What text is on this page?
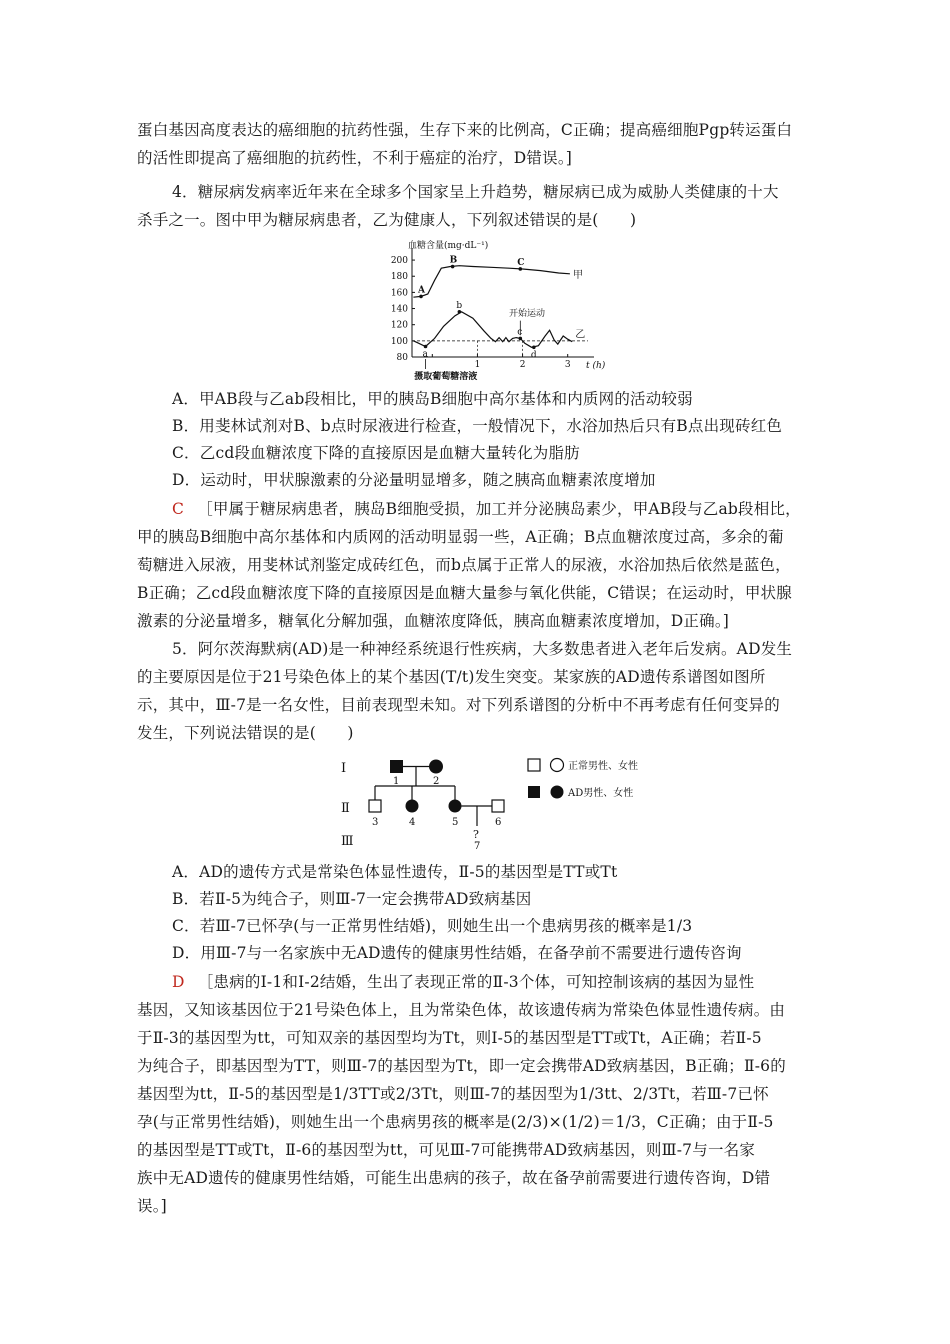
蛋白基因高度表达的癌细胞的抗药性强，生存下来的比例高，C正确；提高癌细胞Pgp转运蛋白
的活性即提高了癌细胞的抗药性，不利于癌症的治疗，D错误。]
4．糖尿病发病率近年来在全球多个国家呈上升趋势，糖尿病已成为威胁人类健康的十大
杀手之一。图中甲为糖尿病患者，乙为健康人，下列叙述错误的是(　　)
血糖含量(mg·dL⁻¹)
t (h)
80
100
120
140
160
180
200
1	2	3
甲
乙
A
B	C
a
b
c
d
开始运动
摄取葡萄糖溶液
A．甲AB段与乙ab段相比，甲的胰岛B细胞中高尔基体和内质网的活动较弱
B．用斐林试剂对B、b点时尿液进行检查，一般情况下，水浴加热后只有B点出现砖红色
C．乙cd段血糖浓度下降的直接原因是血糖大量转化为脂肪
D．运动时，甲状腺激素的分泌量明显增多，随之胰高血糖素浓度增加
C ［甲属于糖尿病患者，胰岛B细胞受损，加工并分泌胰岛素少，甲AB段与乙ab段相比，
甲的胰岛B细胞中高尔基体和内质网的活动明显弱一些，A正确；B点血糖浓度过高，多余的葡
萄糖进入尿液，用斐林试剂鉴定成砖红色，而b点属于正常人的尿液，水浴加热后依然是蓝色，
B正确；乙cd段血糖浓度下降的直接原因是血糖大量参与氧化供能，C错误；在运动时，甲状腺
激素的分泌量增多，糖氧化分解加强，血糖浓度降低，胰高血糖素浓度增加，D正确。]
5．阿尔茨海默病(AD)是一种神经系统退行性疾病，大多数患者进入老年后发病。AD发生
的主要原因是位于21号染色体上的某个基因(T/t)发生突变。某家族的AD遗传系谱图如图所
示，其中，Ⅲ-7是一名女性，目前表现型未知。对下列系谱图的分析中不再考虑有任何变异的
发生，下列说法错误的是(　　)
Ⅰ
Ⅱ
Ⅲ
1	2
3	4	5	6
?
7
正常男性、女性
AD男性、女性
A．AD的遗传方式是常染色体显性遗传，Ⅱ-5的基因型是TT或Tt
B．若Ⅱ-5为纯合子，则Ⅲ-7一定会携带AD致病基因
C．若Ⅲ-7已怀孕(与一正常男性结婚)，则她生出一个患病男孩的概率是1/3
D．用Ⅲ-7与一名家族中无AD遗传的健康男性结婚，在备孕前不需要进行遗传咨询
D ［患病的Ⅰ-1和Ⅰ-2结婚，生出了表现正常的Ⅱ-3个体，可知控制该病的基因为显性
基因，又知该基因位于21号染色体上，且为常染色体，故该遗传病为常染色体显性遗传病。由
于Ⅱ-3的基因型为tt，可知双亲的基因型均为Tt，则Ⅰ-5的基因型是TT或Tt，A正确；若Ⅱ-5
为纯合子，即基因型为TT，则Ⅲ-7的基因型为Tt，即一定会携带AD致病基因，B正确；Ⅱ-6的
基因型为tt，Ⅱ-5的基因型是1/3TT或2/3Tt，则Ⅲ-7的基因型为1/3tt、2/3Tt，若Ⅲ-7已怀
孕(与正常男性结婚)，则她生出一个患病男孩的概率是(2/3)×(1/2)＝1/3，C正确；由于Ⅱ-5
的基因型是TT或Tt，Ⅱ-6的基因型为tt，可见Ⅲ-7可能携带AD致病基因，则Ⅲ-7与一名家
族中无AD遗传的健康男性结婚，可能生出患病的孩子，故在备孕前需要进行遗传咨询，D错
误。]
